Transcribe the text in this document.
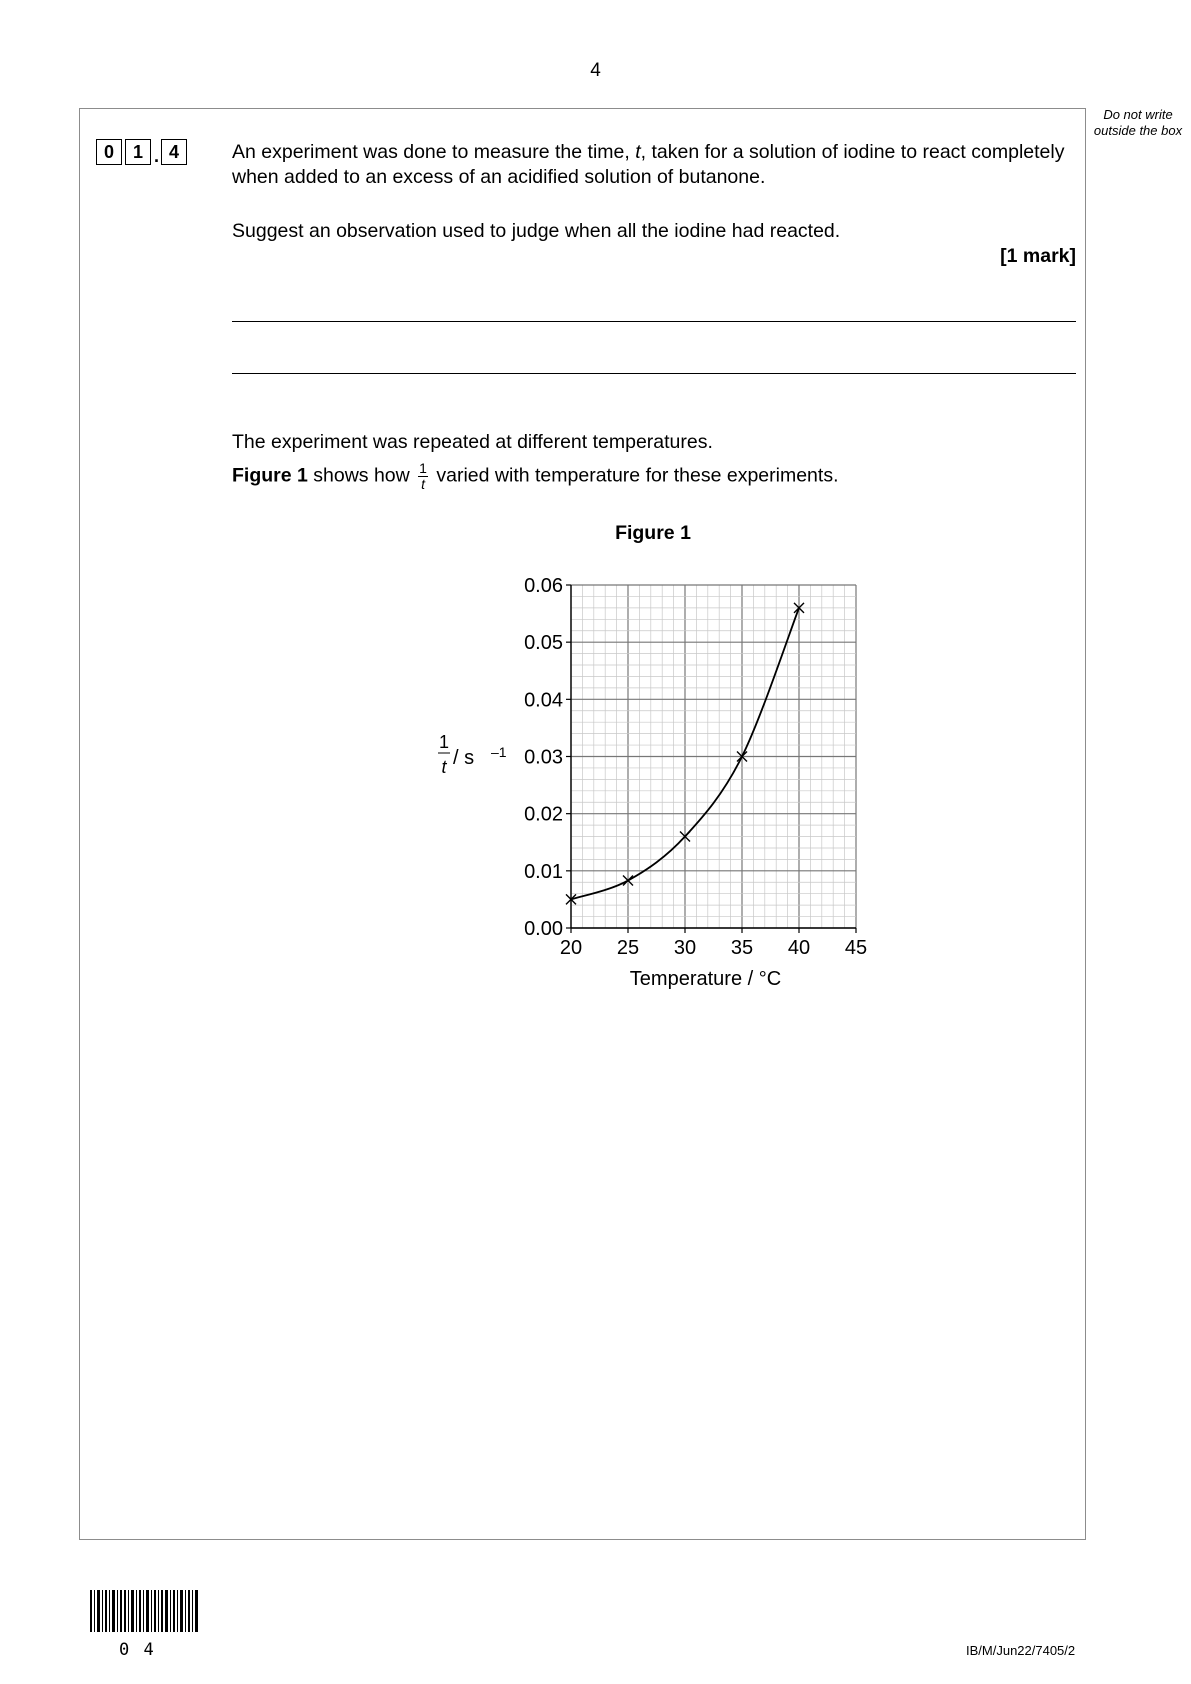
4
Do not write outside the box
0	1 . 4	An experiment was done to measure the time, t, taken for a solution of iodine to react completely when added to an excess of an acidified solution of butanone.
Suggest an observation used to judge when all the iodine had reacted.
[1 mark]
The experiment was repeated at different temperatures.
Figure 1 shows how $\frac{1}{t}$ varied with temperature for these experiments.
Figure 1
20 25 30 35 40 45
0.00
0.01
0.02
0.03
0.04
0.05
0.06
Temperature / °C
1
t / s –1
0 4	IB/M/Jun22/7405/2
